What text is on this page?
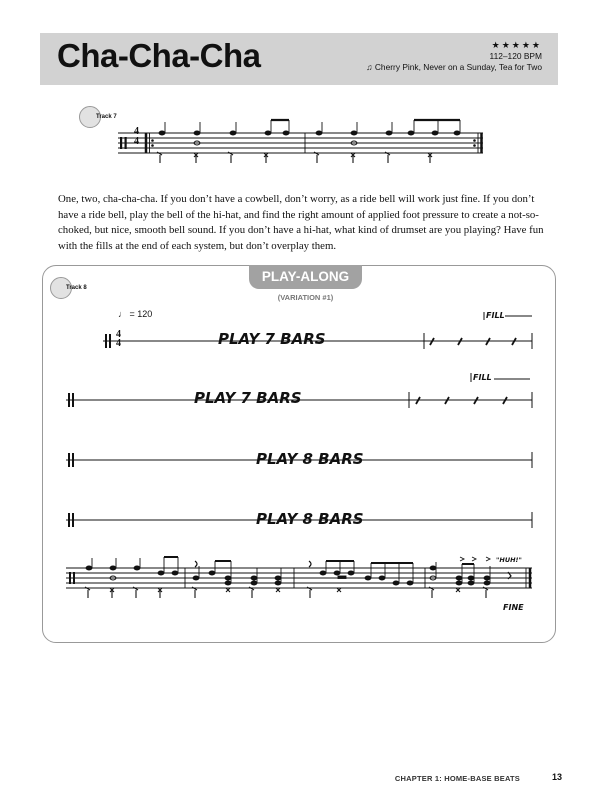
Cha-Cha-Cha	★★★★★
112–120 BPM
♫ Cherry Pink, Never on a Sunday, Tea for Two
Track 7
4
4

One, two, cha-cha-cha. If you don’t have a cowbell, don’t worry, as a ride bell will work just fine. If you don’t have a ride bell, play the bell of the hi-hat, and find the right amount of applied foot pressure to create a not-so-choked, but nice, smooth bell sound. If you don’t have a hi-hat, what kind of drumset are you playing? Have fun with the fills at the end of each system, but don’t overplay them.

PLAY-ALONG
(VARIATION #1)
Track 8
♩ = 120
4
4	PLAY 7 BARS
FILL
PLAY 7 BARS
FILL
PLAY 8 BARS
PLAY 8 BARS
"HUH!"
FINE
CHAPTER 1: HOME-BASE BEATS	13
